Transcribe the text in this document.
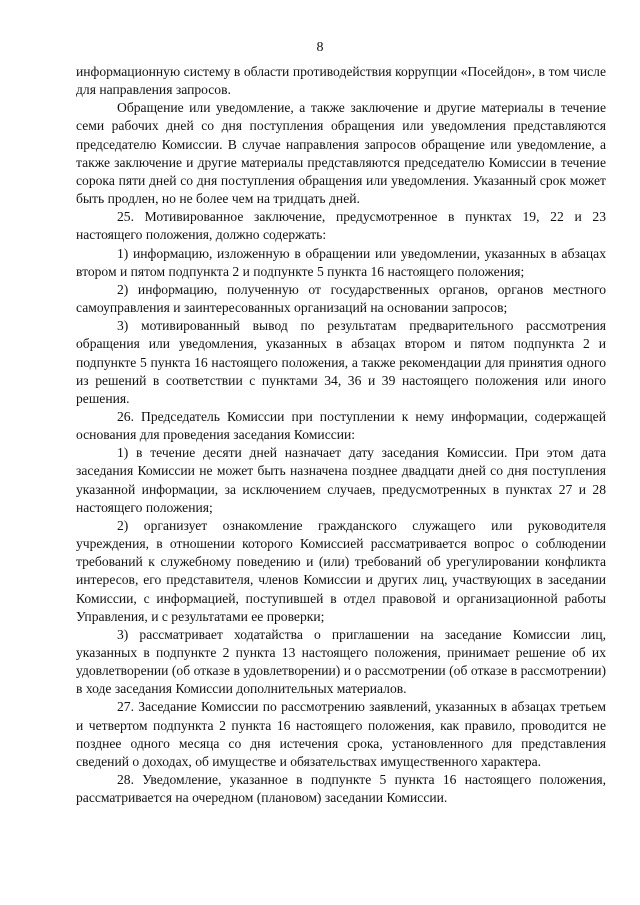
8

информационную систему в области противодействия коррупции «Посейдон», в том числе для направления запросов.

Обращение или уведомление, а также заключение и другие материалы в течение семи рабочих дней со дня поступления обращения или уведомления представляются председателю Комиссии. В случае направления запросов обращение или уведомление, а также заключение и другие материалы представляются председателю Комиссии в течение сорока пяти дней со дня поступления обращения или уведомления. Указанный срок может быть продлен, но не более чем на тридцать дней.

25. Мотивированное заключение, предусмотренное в пунктах 19, 22 и 23 настоящего положения, должно содержать:

1) информацию, изложенную в обращении или уведомлении, указанных в абзацах втором и пятом подпункта 2 и подпункте 5 пункта 16 настоящего положения;

2) информацию, полученную от государственных органов, органов местного самоуправления и заинтересованных организаций на основании запросов;

3) мотивированный вывод по результатам предварительного рассмотрения обращения или уведомления, указанных в абзацах втором и пятом подпункта 2 и подпункте 5 пункта 16 настоящего положения, а также рекомендации для принятия одного из решений в соответствии с пунктами 34, 36 и 39 настоящего положения или иного решения.

26. Председатель Комиссии при поступлении к нему информации, содержащей основания для проведения заседания Комиссии:

1) в течение десяти дней назначает дату заседания Комиссии. При этом дата заседания Комиссии не может быть назначена позднее двадцати дней со дня поступления указанной информации, за исключением случаев, предусмотренных в пунктах 27 и 28 настоящего положения;

2) организует ознакомление гражданского служащего или руководителя учреждения, в отношении которого Комиссией рассматривается вопрос о соблюдении требований к служебному поведению и (или) требований об урегулировании конфликта интересов, его представителя, членов Комиссии и других лиц, участвующих в заседании Комиссии, с информацией, поступившей в отдел правовой и организационной работы Управления, и с результатами ее проверки;

3) рассматривает ходатайства о приглашении на заседание Комиссии лиц, указанных в подпункте 2 пункта 13 настоящего положения, принимает решение об их удовлетворении (об отказе в удовлетворении) и о рассмотрении (об отказе в рассмотрении) в ходе заседания Комиссии дополнительных материалов.

27. Заседание Комиссии по рассмотрению заявлений, указанных в абзацах третьем и четвертом подпункта 2 пункта 16 настоящего положения, как правило, проводится не позднее одного месяца со дня истечения срока, установленного для представления сведений о доходах, об имуществе и обязательствах имущественного характера.

28. Уведомление, указанное в подпункте 5 пункта 16 настоящего положения, рассматривается на очередном (плановом) заседании Комиссии.
